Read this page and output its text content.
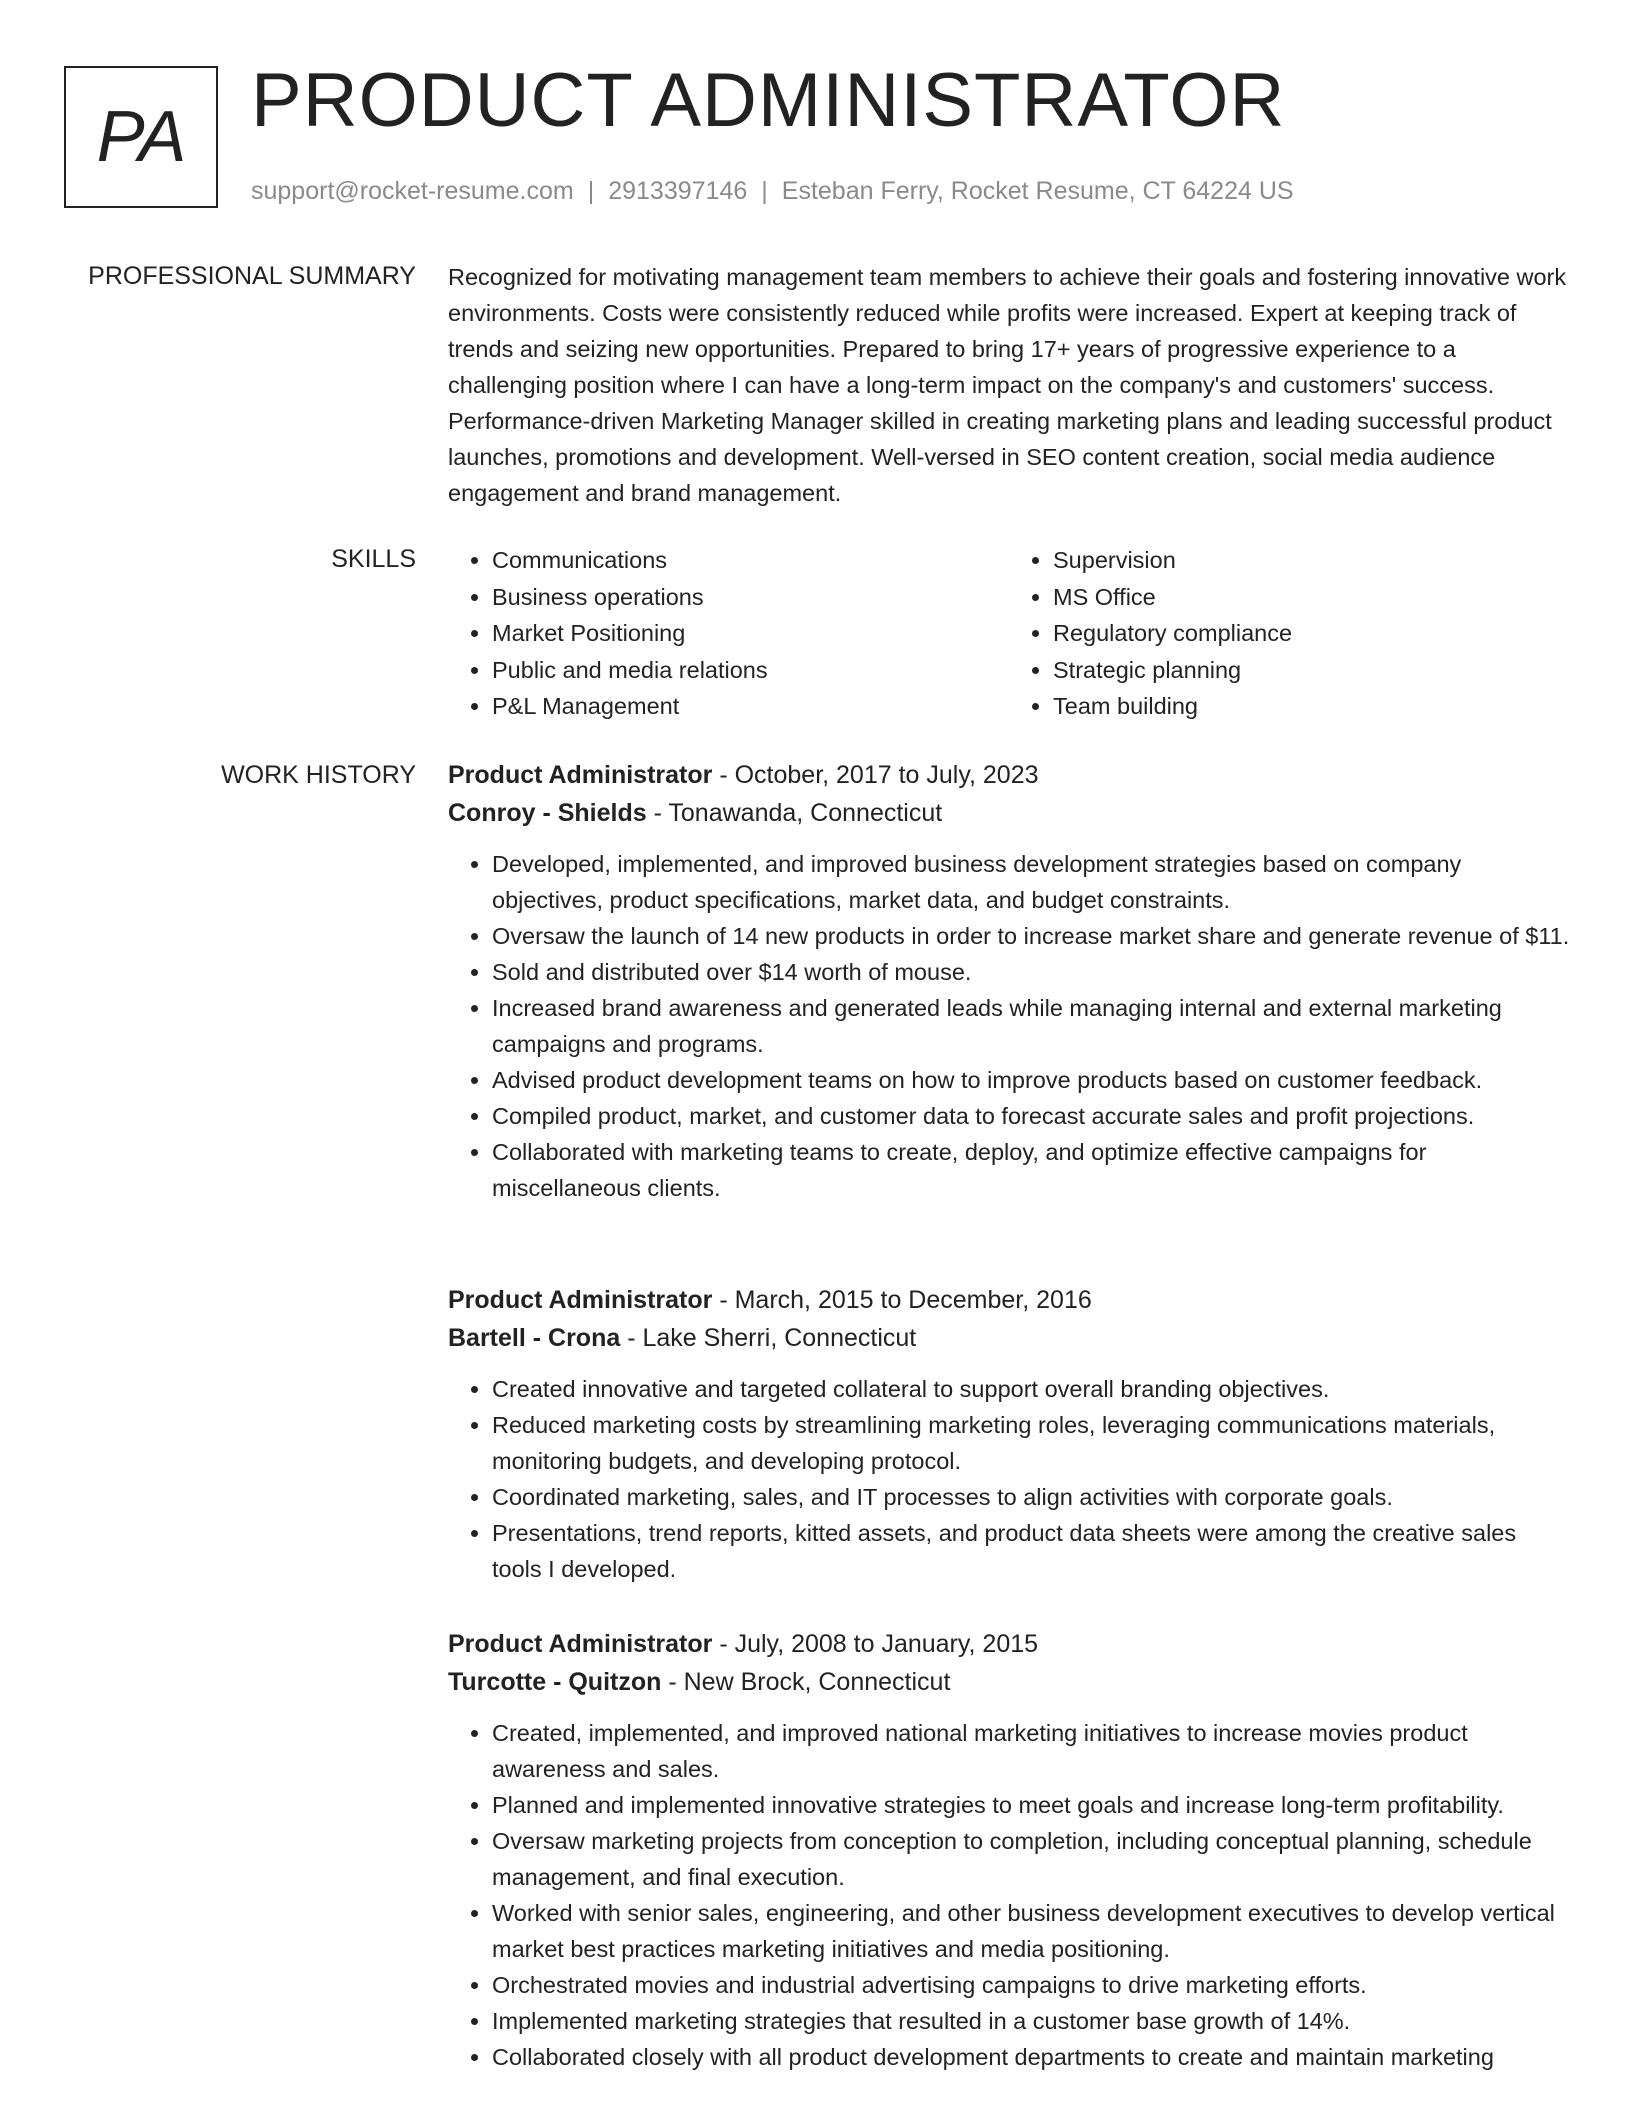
PA PRODUCT ADMINISTRATOR
support@rocket-resume.com | 2913397146 | Esteban Ferry, Rocket Resume, CT 64224 US
PROFESSIONAL SUMMARY Recognized for motivating management team members to achieve their goals and fostering innovative work environments. Costs were consistently reduced while profits were increased. Expert at keeping track of trends and seizing new opportunities. Prepared to bring 17+ years of progressive experience to a challenging position where I can have a long-term impact on the company's and customers' success. Performance-driven Marketing Manager skilled in creating marketing plans and leading successful product launches, promotions and development. Well-versed in SEO content creation, social media audience engagement and brand management.
SKILLS
•	Communications
• Business operations
• Market Positioning
• Public and media relations
• P&L Management
• Supervision
• MS Office
• Regulatory compliance
• Strategic planning
• Team building
WORK HISTORY Product Administrator - October, 2017 to July, 2023
Conroy - Shields - Tonawanda, Connecticut
• Developed, implemented, and improved business development strategies based on company objectives, product specifications, market data, and budget constraints.
• Oversaw the launch of 14 new products in order to increase market share and generate revenue of $11.
• Sold and distributed over $14 worth of mouse.
• Increased brand awareness and generated leads while managing internal and external marketing campaigns and programs.
• Advised product development teams on how to improve products based on customer feedback.
• Compiled product, market, and customer data to forecast accurate sales and profit projections.
• Collaborated with marketing teams to create, deploy, and optimize effective campaigns for miscellaneous clients.
Product Administrator - March, 2015 to December, 2016
Bartell - Crona - Lake Sherri, Connecticut
• Created innovative and targeted collateral to support overall branding objectives.
• Reduced marketing costs by streamlining marketing roles, leveraging communications materials, monitoring budgets, and developing protocol.
• Coordinated marketing, sales, and IT processes to align activities with corporate goals.
• Presentations, trend reports, kitted assets, and product data sheets were among the creative sales tools I developed.
Product Administrator - July, 2008 to January, 2015
Turcotte - Quitzon - New Brock, Connecticut
• Created, implemented, and improved national marketing initiatives to increase movies product awareness and sales.
• Planned and implemented innovative strategies to meet goals and increase long-term profitability.
• Oversaw marketing projects from conception to completion, including conceptual planning, schedule management, and final execution.
• Worked with senior sales, engineering, and other business development executives to develop vertical market best practices marketing initiatives and media positioning.
• Orchestrated movies and industrial advertising campaigns to drive marketing efforts.
• Implemented marketing strategies that resulted in a customer base growth of 14%.
• Collaborated closely with all product development departments to create and maintain marketing
